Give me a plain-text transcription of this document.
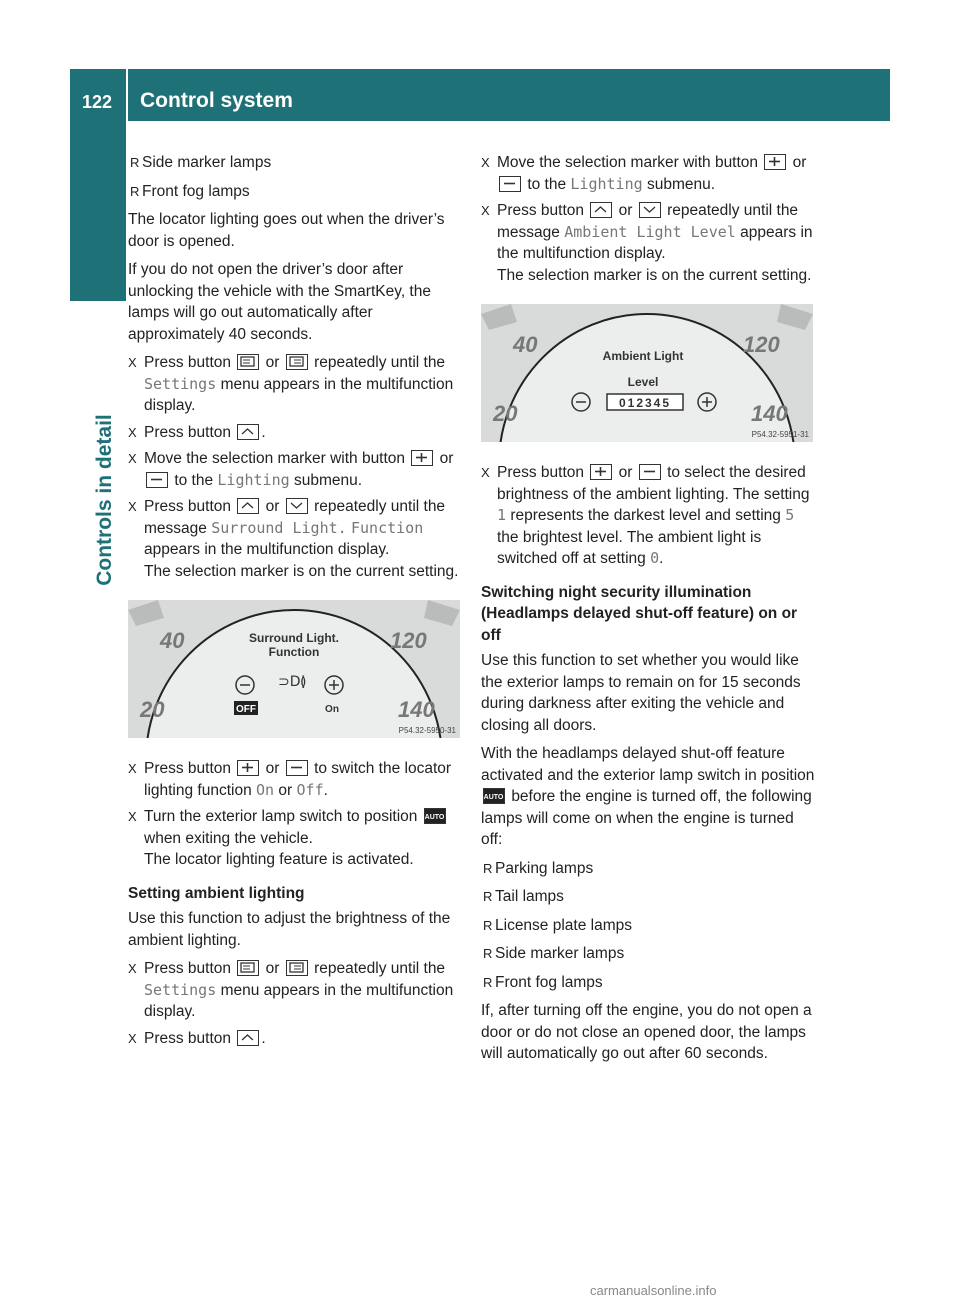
122 Control system
Controls in detail
R Side marker lamps
R Front fog lamps

The locator lighting goes out when the driver’s door is opened.

If you do not open the driver’s door after unlocking the vehicle with the SmartKey, the lamps will go out automatically after approximately 40 seconds.

X Press button or repeatedly until the Settings menu appears in the multifunction display.
X Press button .
X Move the selection marker with button or
to the Lighting submenu.
X Press button or repeatedly until the message Surround Light. Function appears in the multifunction display.
The selection marker is on the current setting.
40
20
120
140
Surround Light.
Function
⊃D ≬
OFF	On
P54.32-5950-31
X Press button or to switch the locator lighting function On or Off.
X Turn the exterior lamp switch to position AUTO
when exiting the vehicle.
The locator lighting feature is activated.
Setting ambient lighting

Use this function to adjust the brightness of the ambient lighting.

X Press button or repeatedly until the Settings menu appears in the multifunction display.
X Press button .
X Move the selection marker with button or
to the Lighting submenu.
X Press button or repeatedly until the message Ambient Light Level appears in the multifunction display.
The selection marker is on the current setting.
40
20
120
140
Ambient Light
Level
012345
P54.32-5951-31
X Press button or to select the desired brightness of the ambient lighting. The setting 1 represents the darkest level and setting 5 the brightest level. The ambient light is switched off at setting 0.
Switching night security illumination (Headlamps delayed shut-off feature) on or off

Use this function to set whether you would like the exterior lamps to remain on for 15 seconds during darkness after exiting the vehicle and closing all doors.

With the headlamps delayed shut-off feature activated and the exterior lamp switch in position
AUTO before the engine is turned off, the following lamps will come on when the engine is turned off:

R Parking lamps
R Tail lamps
R License plate lamps
R Side marker lamps
R Front fog lamps

If, after turning off the engine, you do not open a door or do not close an opened door, the lamps will automatically go out after 60 seconds.

carmanualsonline.info
